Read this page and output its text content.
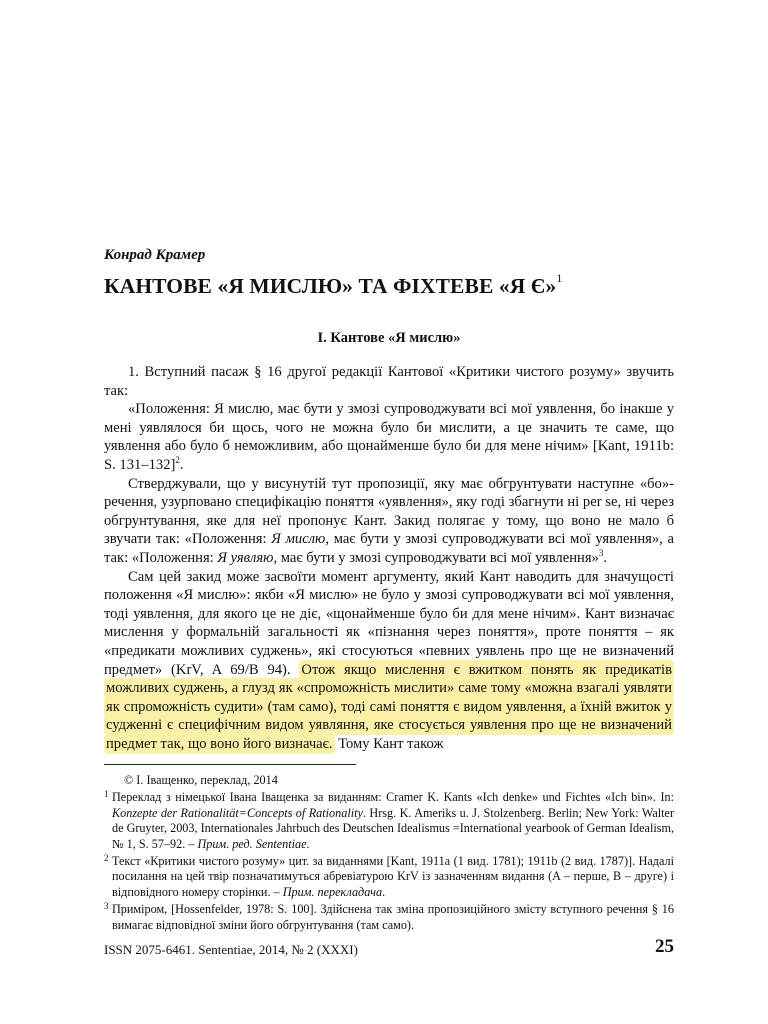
Конрад Крамер
КАНТОВЕ «Я МИСЛЮ» ТА ФІХТЕВЕ «Я Є»$^1$
I. Кантове «Я мислю»

1. Вступний пасаж § 16 другої редакції Кантової «Критики чистого розуму» звучить так:

«Положення: Я мислю, має бути у змозі супроводжувати всі мої уявлення, бо інакше у мені уявлялося би щось, чого не можна було би мислити, а це значить те саме, що уявлення або було б неможливим, або щонайменше було би для мене нічим» [Kant, 1911b: S. 131–132]$^2$.

Стверджували, що у висунутій тут пропозиції, яку має обгрунтувати наступне «бо»-речення, узурповано специфікацію поняття «уявлення», яку годі збагнути ні per se, ні через обгрунтування, яке для неї пропонує Кант. Закид полягає у тому, що воно не мало б звучати так: «Положення: Я мислю, має бути у змозі супроводжувати всі мої уявлення», а так: «Положення: Я уявляю, має бути у змозі супроводжувати всі мої уявлення»$^3$.

Сам цей закид може засвоїти момент аргументу, який Кант наводить для значущості положення «Я мислю»: якби «Я мислю» не було у змозі супроводжувати всі мої уявлення, тоді уявлення, для якого це не діє, «щонайменше було би для мене нічим». Кант визначає мислення у формальній загальності як «пізнання через поняття», проте поняття – як «предикати можливих суджень», які стосуються «певних уявлень про ще не визначений предмет» (KrV, A 69/B 94). Отож якщо мислення є вжитком понять як предикатів можливих суджень, а глузд як «спроможність мислити» саме тому «можна взагалі уявляти як спроможність судити» (там само), тоді самі поняття є видом уявлення, а їхній вжиток у судженні є специфічним видом уявляння, яке стосується уявлення про ще не визначений предмет так, що воно його визначає. Тому Кант також

© І. Іващенко, переклад, 2014

1 Переклад з німецької Івана Іващенка за виданням: Cramer K. Kants «Ich denke» und Fichtes «Ich bin». In: Konzepte der Rationalität=Concepts of Rationality. Hrsg. K. Ameriks u. J. Stolzenberg. Berlin; New York: Walter de Gruyter, 2003, Internationales Jahrbuch des Deutschen Idealismus =International yearbook of German Idealism, № 1, S. 57–92. – Прим. ред. Sententiae.

2 Текст «Критики чистого розуму» цит. за виданнями [Kant, 1911a (1 вид. 1781); 1911b (2 вид. 1787)]. Надалі посилання на цей твір позначатимуться абревіатурою KrV із зазначенням видання (A – перше, B – друге) і відповідного номеру сторінки. – Прим. перекладача.

3 Приміром, [Hossenfelder, 1978: S. 100]. Здійснена так зміна пропозиційного змісту вступного речення § 16 вимагає відповідної зміни його обгрунтування (там само).

ISSN 2075-6461. Sententiae, 2014, № 2 (XXXI)	25
